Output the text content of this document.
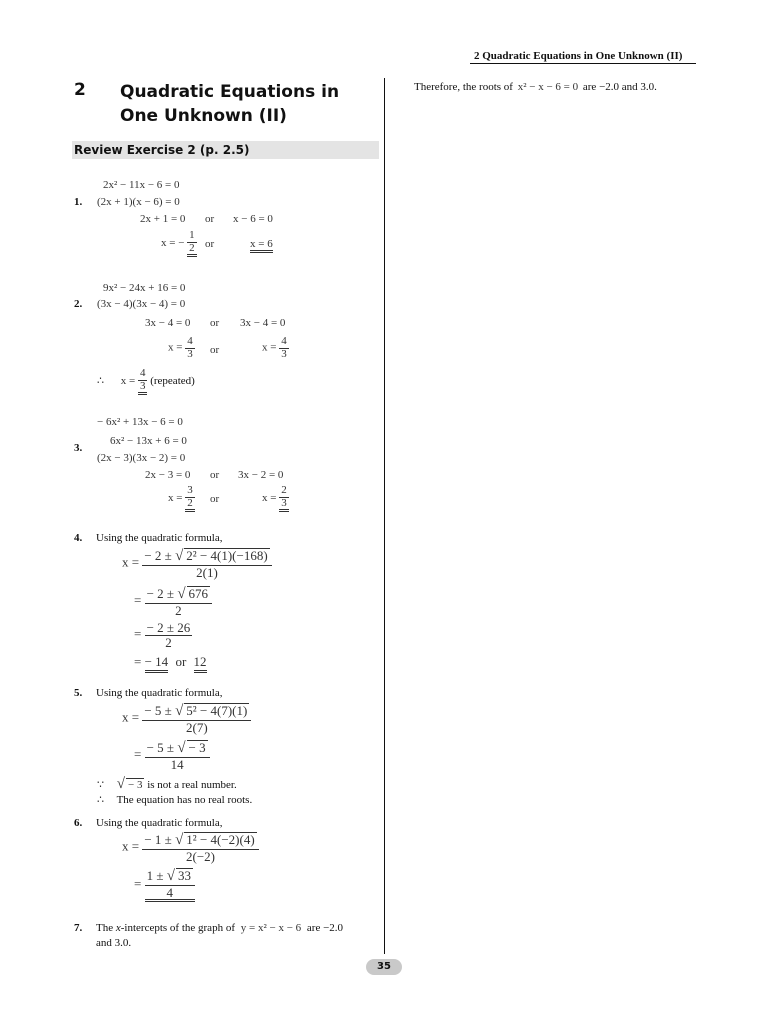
2 Quadratic Equations in One Unknown (II)
2 Quadratic Equations in
One Unknown (II)
Review Exercise 2 (p. 2.5)
1.
2x² − 11x − 6 = 0
(2x + 1)(x − 6) = 0
2x + 1 = 0 or x − 6 = 0
x = − $\frac{1}{2}$ or	x = 6
9x² − 24x + 16 = 0
2. (3x − 4)(3x − 4) = 0
3x − 4 = 0 or 3x − 4 = 0
$x = \frac{4}{3}$ or	$x = \frac{4}{3}$
∴ $x = \frac{4}{3}$ (repeated)
− 6x² + 13x − 6 = 0
6x² − 13x + 6 = 0
3.
(2x − 3)(3x − 2) = 0
2x − 3 = 0 or 3x − 2 = 0
$x = \frac{3}{2}$ or	$x = \frac{2}{3}$
4. Using the quadratic formula,
$x = \frac{\text{− 2 ± √ 2² − 4(1)(−168)}}{2(1)}$
= $\frac{- 2 \pm √ 676}{2}$
= $\frac{- 2 \pm 26}{2}$
= − 14 or 12
5. Using the quadratic formula,
$x = \frac{\text{− 5 ± √ 5² − 4(7)(1)}}{2(7)}$
= $\frac{- 5 \pm √ - 3}{14}$
∵ √ − 3 is not a real number.
∴ The equation has no real roots.
6. Using the quadratic formula,
$x = \frac{\text{− 1 ± √ 1² − 4(−2)(4)}}{2(-2)}$
= $\frac{1 \pm √ 33}{4}$
7. The x-intercepts of the graph of y = x² − x − 6 are −2.0
and 3.0.
Therefore, the roots of x² − x − 6 = 0 are −2.0 and 3.0.
35
